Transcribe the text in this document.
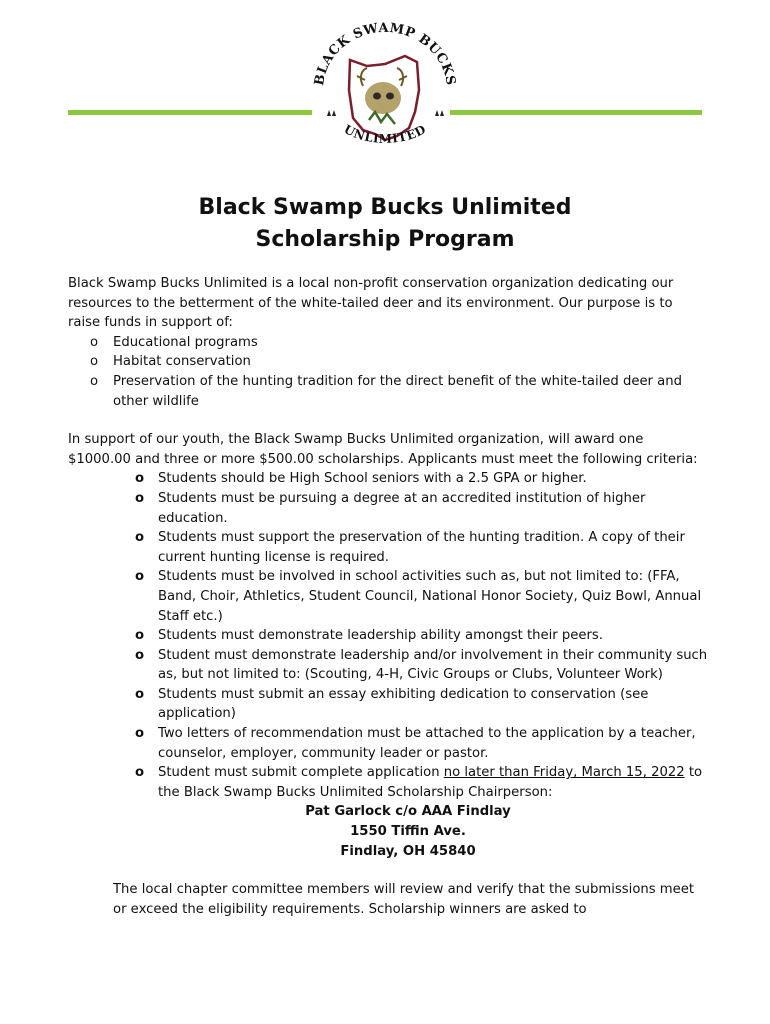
BLACK SWAMP BUCKS
UNLIMITED
Black Swamp Bucks Unlimited
Scholarship Program

Black Swamp Bucks Unlimited is a local non-profit conservation organization dedicating our resources to the betterment of the white-tailed deer and its environment. Our purpose is to raise funds in support of:

o Educational programs
o Habitat conservation
o Preservation of the hunting tradition for the direct benefit of the white-tailed deer and other wildlife

In support of our youth, the Black Swamp Bucks Unlimited organization, will award one $1000.00 and three or more $500.00 scholarships. Applicants must meet the following criteria:

o Students should be High School seniors with a 2.5 GPA or higher.
o Students must be pursuing a degree at an accredited institution of higher education.
o Students must support the preservation of the hunting tradition. A copy of their current hunting license is required.
o Students must be involved in school activities such as, but not limited to: (FFA, Band, Choir, Athletics, Student Council, National Honor Society, Quiz Bowl, Annual Staff etc.)
o Students must demonstrate leadership ability amongst their peers.
o Student must demonstrate leadership and/or involvement in their community such as, but not limited to: (Scouting, 4-H, Civic Groups or Clubs, Volunteer Work)
o Students must submit an essay exhibiting dedication to conservation (see application)
o Two letters of recommendation must be attached to the application by a teacher, counselor, employer, community leader or pastor.
o Student must submit complete application no later than Friday, March 15, 2022 to the Black Swamp Bucks Unlimited Scholarship Chairperson:
Pat Garlock c/o AAA Findlay
1550 Tiffin Ave.
Findlay, OH 45840

The local chapter committee members will review and verify that the submissions meet or exceed the eligibility requirements. Scholarship winners are asked to
